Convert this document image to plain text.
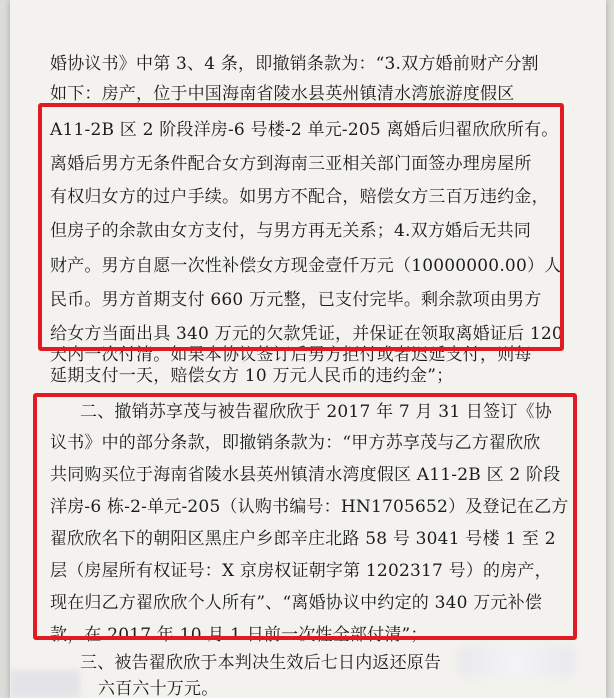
婚协议书》中第 3、4 条，即撤销条款为：“3.双方婚前财产分割
如下：房产，位于中国海南省陵水县英州镇清水湾旅游度假区
A11-2B 区 2 阶段洋房-6 号楼-2 单元-205 离婚后归翟欣欣所有。
离婚后男方无条件配合女方到海南三亚相关部门面签办理房屋所
有权归女方的过户手续。如男方不配合，赔偿女方三百万违约金，
但房子的余款由女方支付，与男方再无关系；4.双方婚后无共同
财产。男方自愿一次性补偿女方现金壹仟万元（10000000.00）人
民币。男方首期支付 660 万元整，已支付完毕。剩余款项由男方
给女方当面出具 340 万元的欠款凭证，并保证在领取离婚证后 120
天内一次付清。如果本协议签订后男方拒付或者迟延支付，则每
延期支付一天，赔偿女方 10 万元人民币的违约金”；
二、撤销苏享茂与被告翟欣欣于 2017 年 7 月 31 日签订《协
议书》中的部分条款，即撤销条款为：“甲方苏享茂与乙方翟欣欣
共同购买位于海南省陵水县英州镇清水湾度假区 A11-2B 区 2 阶段
洋房-6 栋-2-单元-205（认购书编号：HN1705652）及登记在乙方
翟欣欣名下的朝阳区黑庄户乡郎辛庄北路 58 号 3041 号楼 1 至 2
层（房屋所有权证号：X 京房权证朝字第 1202317 号）的房产，
现在归乙方翟欣欣个人所有”、“离婚协议中约定的 340 万元补偿
款，在 2017 年 10 月 1 日前一次性全部付清”；
三、被告翟欣欣于本判决生效后七日内返还原告
六百六十万元。
